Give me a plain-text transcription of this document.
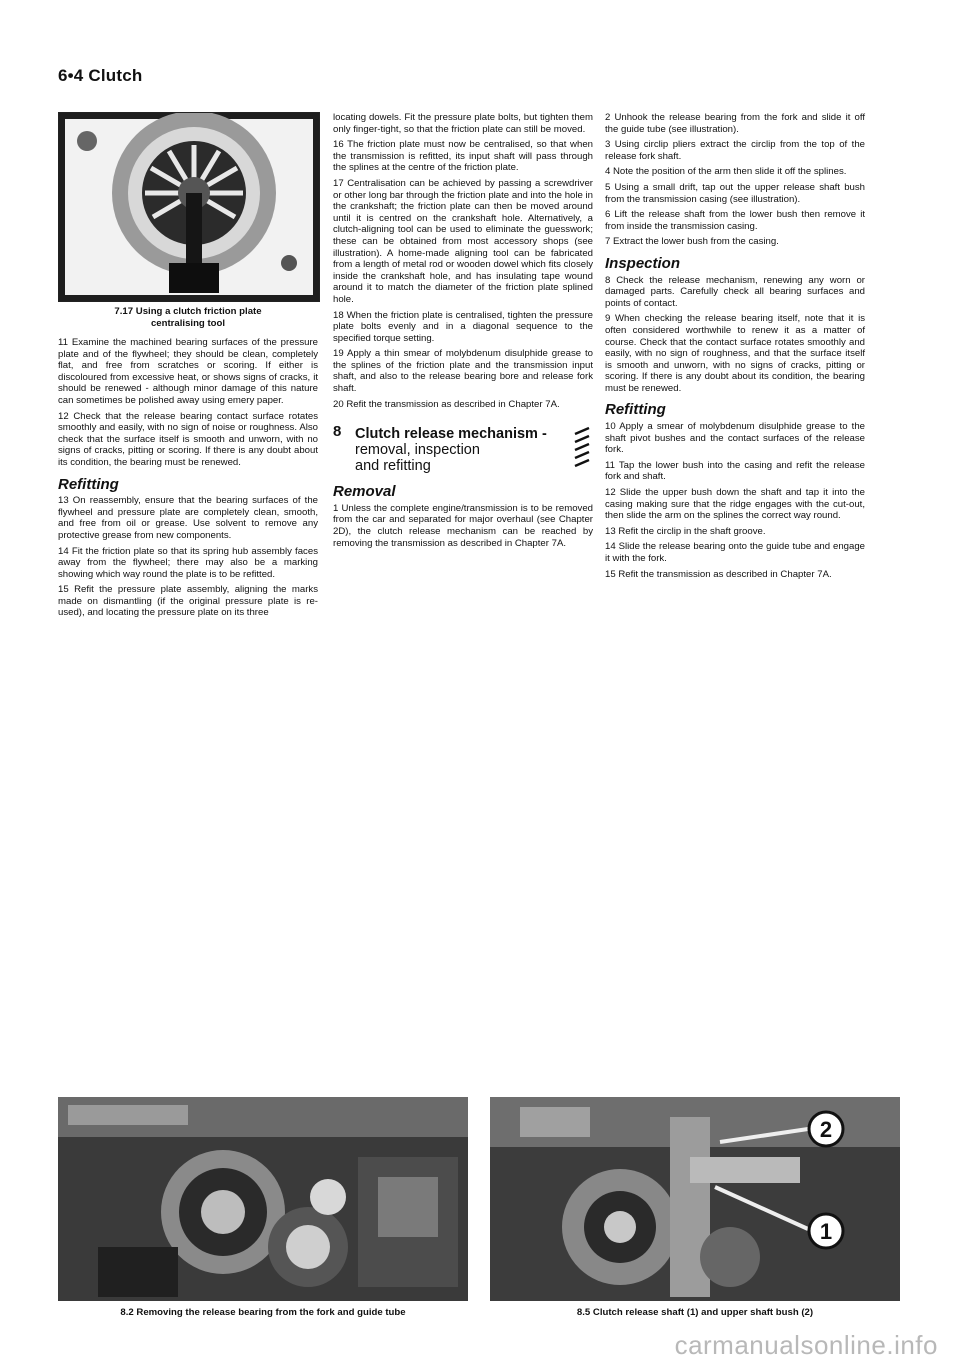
6•4 Clutch
7.17 Using a clutch friction plate centralising tool

11 Examine the machined bearing surfaces of the pressure plate and of the flywheel; they should be clean, completely flat, and free from scratches or scoring. If either is discoloured from excessive heat, or shows signs of cracks, it should be renewed - although minor damage of this nature can sometimes be polished away using emery paper.

12 Check that the release bearing contact surface rotates smoothly and easily, with no sign of noise or roughness. Also check that the surface itself is smooth and unworn, with no signs of cracks, pitting or scoring. If there is any doubt about its condition, the bearing must be renewed.

Refitting

13 On reassembly, ensure that the bearing surfaces of the flywheel and pressure plate are completely clean, smooth, and free from oil or grease. Use solvent to remove any protective grease from new components.

14 Fit the friction plate so that its spring hub assembly faces away from the flywheel; there may also be a marking showing which way round the plate is to be refitted.

15 Refit the pressure plate assembly, aligning the marks made on dismantling (if the original pressure plate is re-used), and locating the pressure plate on its three

locating dowels. Fit the pressure plate bolts, but tighten them only finger-tight, so that the friction plate can still be moved.

16 The friction plate must now be centralised, so that when the transmission is refitted, its input shaft will pass through the splines at the centre of the friction plate.

17 Centralisation can be achieved by passing a screwdriver or other long bar through the friction plate and into the hole in the crankshaft; the friction plate can then be moved around until it is centred on the crankshaft hole. Alternatively, a clutch-aligning tool can be used to eliminate the guesswork; these can be obtained from most accessory shops (see illustration). A home-made aligning tool can be fabricated from a length of metal rod or wooden dowel which fits closely inside the crankshaft hole, and has insulating tape wound around it to match the diameter of the friction plate splined hole.

18 When the friction plate is centralised, tighten the pressure plate bolts evenly and in a diagonal sequence to the specified torque setting.

19 Apply a thin smear of molybdenum disulphide grease to the splines of the friction plate and the transmission input shaft, and also to the release bearing bore and release fork shaft.

20 Refit the transmission as described in Chapter 7A.

8 Clutch release mechanism -
removal, inspection
and refitting
Removal

1 Unless the complete engine/transmission is to be removed from the car and separated for major overhaul (see Chapter 2D), the clutch release mechanism can be reached by removing the transmission as described in Chapter 7A.

2 Unhook the release bearing from the fork and slide it off the guide tube (see illustration).

3 Using circlip pliers extract the circlip from the top of the release fork shaft.

4 Note the position of the arm then slide it off the splines.

5 Using a small drift, tap out the upper release shaft bush from the transmission casing (see illustration).

6 Lift the release shaft from the lower bush then remove it from inside the transmission casing.

7 Extract the lower bush from the casing.

Inspection

8 Check the release mechanism, renewing any worn or damaged parts. Carefully check all bearing surfaces and points of contact.

9 When checking the release bearing itself, note that it is often considered worthwhile to renew it as a matter of course. Check that the contact surface rotates smoothly and easily, with no sign of roughness, and that the surface itself is smooth and unworn, with no signs of cracks, pitting or scoring. If there is any doubt about its condition, the bearing must be renewed.

Refitting

10 Apply a smear of molybdenum disulphide grease to the shaft pivot bushes and the contact surfaces of the release fork.

11 Tap the lower bush into the casing and refit the release fork and shaft.

12 Slide the upper bush down the shaft and tap it into the casing making sure that the ridge engages with the cut-out, then slide the arm on the splines the correct way round.

13 Refit the circlip in the shaft groove.

14 Slide the release bearing onto the guide tube and engage it with the fork.

15 Refit the transmission as described in Chapter 7A.

8.2 Removing the release bearing from the fork and guide tube
2
1
8.5 Clutch release shaft (1) and upper shaft bush (2)
carmanualsonline.info
